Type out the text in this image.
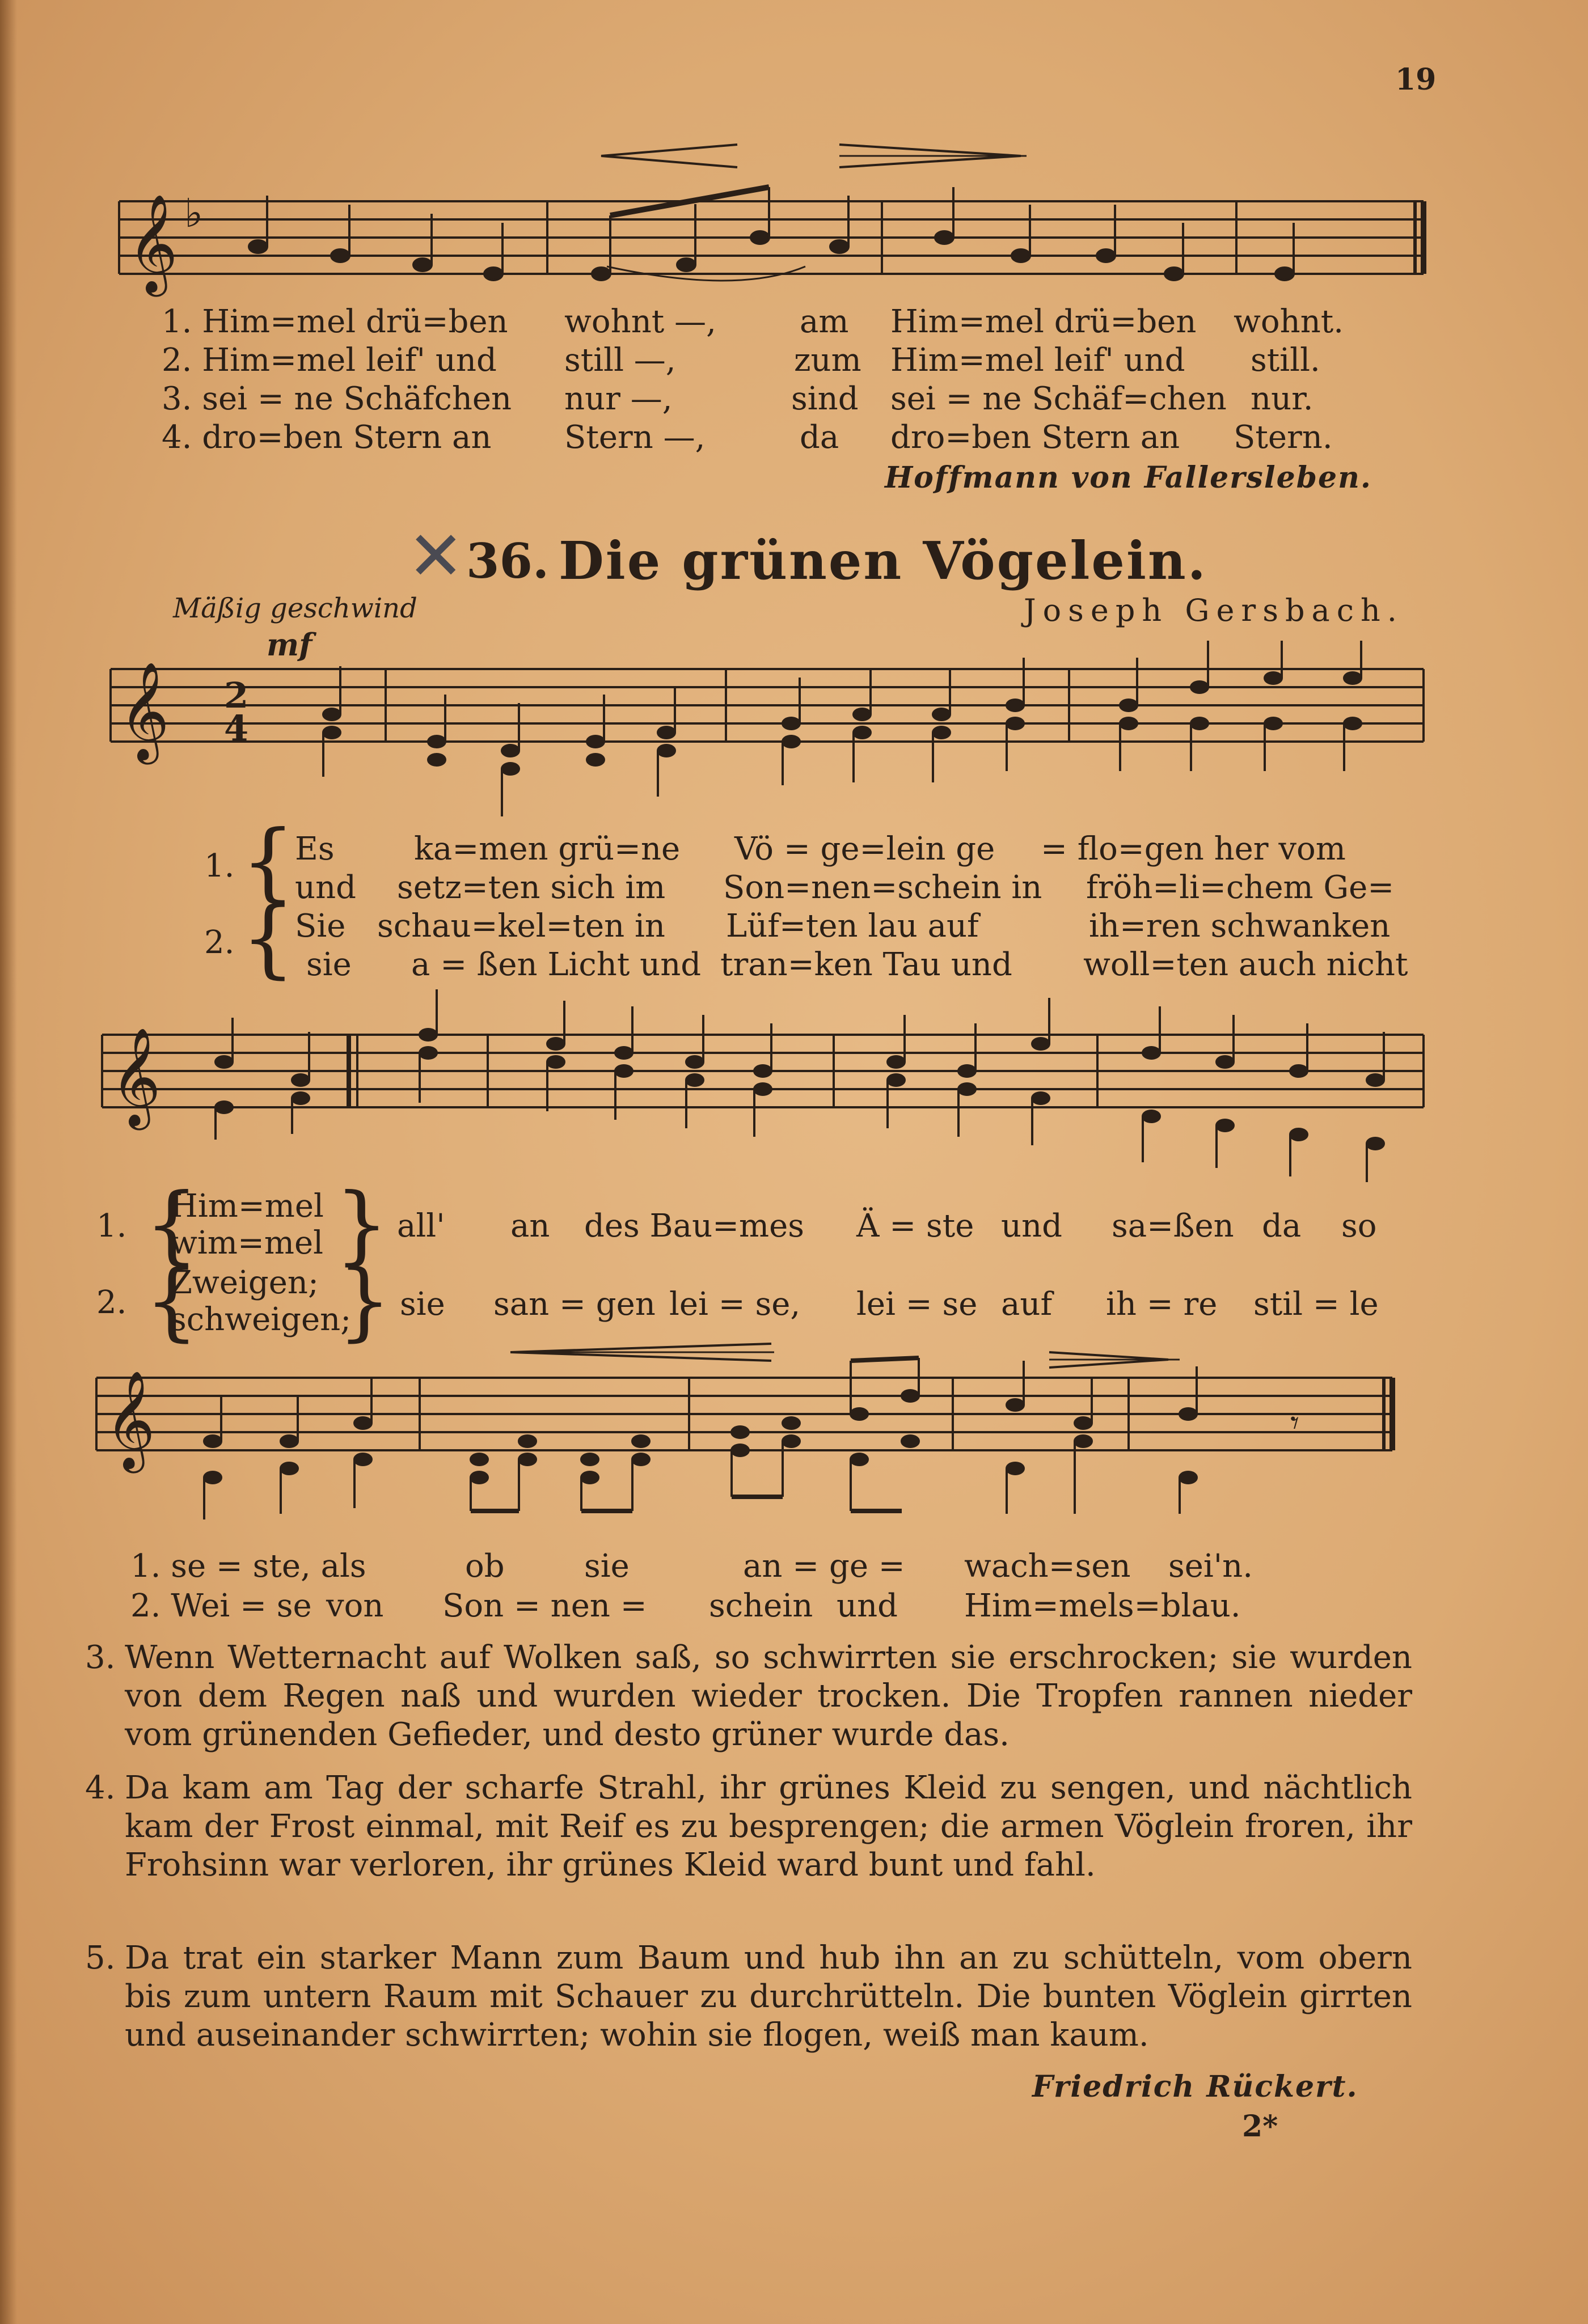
19
𝄞 ♭
1. Him=mel drü=ben wohnt —,	am Him=mel drü=ben wohnt.
2. Him=mel leif' und still —,	zum Him=mel leif' und still.
3. sei = ne Schäfchen nur —,	sind sei = ne Schäf=chen nur.
4. dro=ben Stern an Stern —,	da dro=ben Stern an Stern.
Hoffmann von Fallersleben.
✕ 36. Die grünen Vögelein.
Mäßig geschwind	Joseph Gersbach.
mf
𝄞 2
4
1. {
2. {
Es	ka=men grü=ne Vö = ge=lein ge = flo=gen her vom
und setz=ten sich im Son=nen=schein in fröh=li=chem Ge=
Sie schau=kel=ten in Lüf=ten lau auf	ih=ren schwanken
sie a = ßen Licht und tran=ken Tau und woll=ten auch nicht
𝄞
1. {
Him=mel
wim=mel } all' an des Bau=mes Ä = ste und sa=ßen da so
2. {
Zweigen;
schweigen;
} sie san = gen lei = se, lei = se auf ih = re stil = le
𝄞	𝄾
1. se = ste, als	ob	sie	an = ge = wach=sen sei'n.
2. Wei = se von Son = nen = schein und Him=mels=blau.
3. Wenn Wetternacht auf Wolken saß, so schwirrten sie erschrocken; sie wurden von dem Regen naß und wurden wieder trocken. Die Tropfen rannen nieder vom grünenden Gefieder, und desto grüner wurde das.
4. Da kam am Tag der scharfe Strahl, ihr grünes Kleid zu sengen, und nächtlich kam der Frost einmal, mit Reif es zu besprengen; die armen Vöglein froren, ihr Frohsinn war verloren, ihr grünes Kleid ward bunt und fahl.
5. Da trat ein starker Mann zum Baum und hub ihn an zu schütteln, vom obern bis zum untern Raum mit Schauer zu durchrütteln. Die bunten Vöglein girrten und auseinander schwirrten; wohin sie flogen, weiß man kaum.
Friedrich Rückert.
2*
